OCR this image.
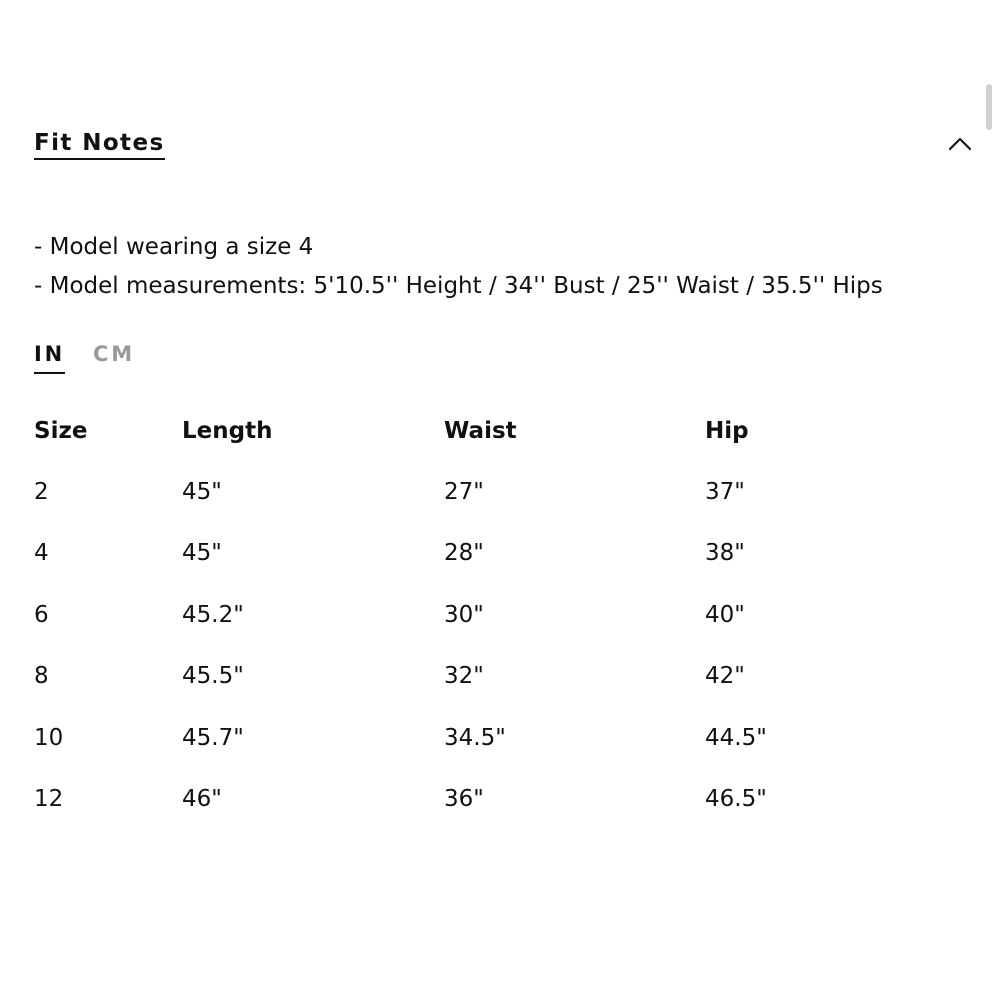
Fit Notes

- Model wearing a size 4

- Model measurements: 5'10.5'' Height / 34'' Bust / 25'' Waist / 35.5'' Hips

IN CM
Size	Length	Waist	Hip
2	45"	27"	37"
4	45"	28"	38"
6	45.2"	30"	40"
8	45.5"	32"	42"
10	45.7"	34.5"	44.5"
12	46"	36"	46.5"
